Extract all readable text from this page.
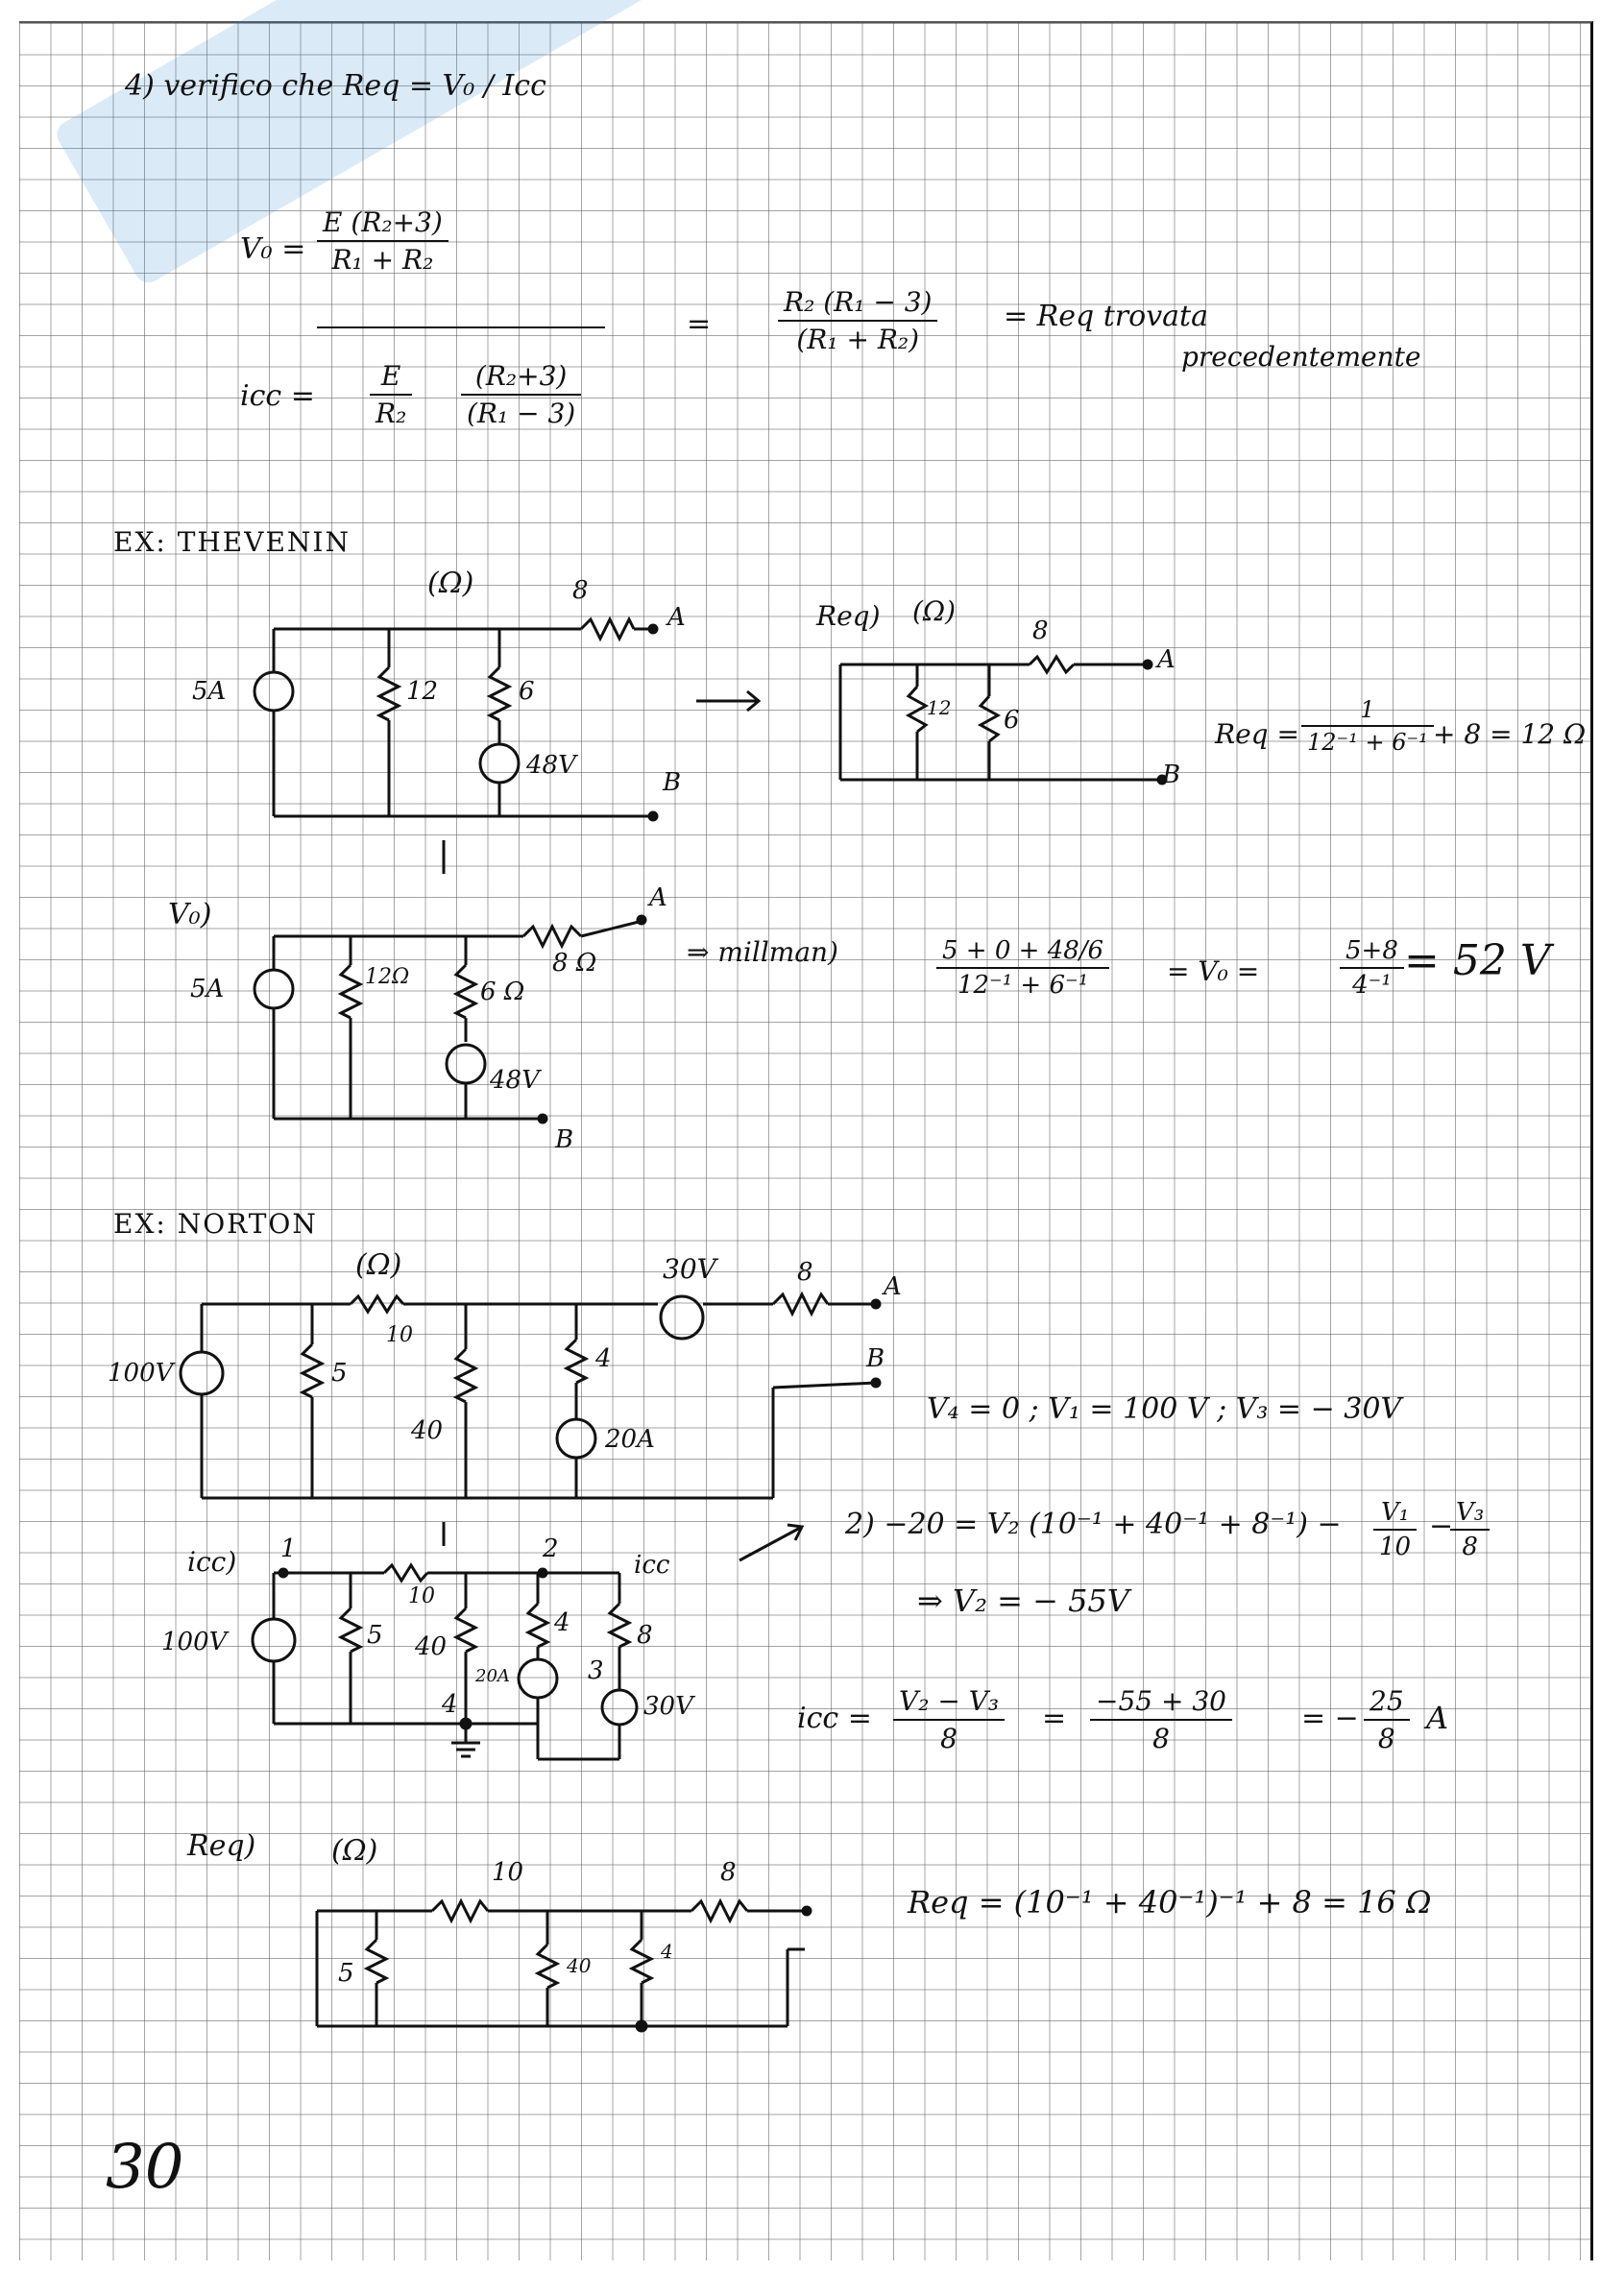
4) verifico che Req = V₀ / Icc
$V_0 = \frac{\text{E (R₂+3)}}{\text{R₁ + R₂}}$
icc = $\frac{E}{\text{R₂}} \frac{\text{(R₂+3)}}{\text{(R₁ − 3)}}$
= $\frac{\text{R₂ (R₁ − 3)}}{\text{(R₁ + R₂)}}$ = Req trovata
precedentemente
EX: THEVENIN
(Ω)	8
A
B
5A	12	6
48V
Req) (Ω)
8
12 6
A
B
Req = $\frac{1}{\text{12⁻¹ + 6⁻¹}} + 8 = 12$ Ω
V₀)
5A	12Ω
6 Ω
8 Ω
48V
A
B
⇒ millman)	$\frac{5 + 0 + 48/6}{\text{12⁻¹ + 6⁻¹}} = V_0$ =	$\frac{5+8}{\text{4⁻¹}} = 52$ V
EX: NORTON
(Ω)
100V
30V	8
10
5
40
4
20A
A
B
V₄ = 0 ; V₁ = 100 V ; V₃ = − 30V
2) −20 = V₂ $(10^{-1} + 40^{-1} + 8^{-1}) - \frac{\text{V₁}}{10}$ −
$\frac{\text{V₃}}{8}$
⇒ V₂ = − 55V
icc) 1	2
3
4
icc
100V
10
5 40
4	8
20A
30V	icc = $\frac{\text{V₂ − V₃}}{8} = \frac{-55 + 30}{8}$ = − $\frac{25}{8}$ A
Req)	(Ω)
10	8
5	40
4
Req = (10⁻¹ + 40⁻¹)⁻¹ + 8 = 16 Ω
30
